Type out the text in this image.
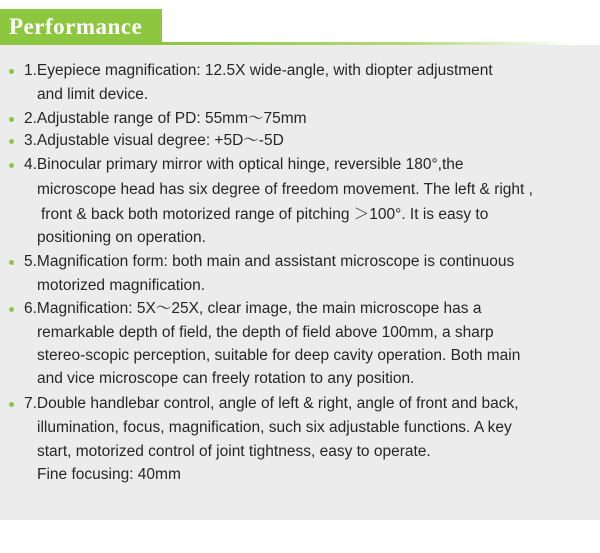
Performance
1.Eyepiece magnification: 12.5X wide-angle, with diopter adjustment
and limit device.
2.Adjustable range of PD: 55mm〜75mm
3.Adjustable visual degree: +5D〜-5D
4.Binocular primary mirror with optical hinge, reversible 180°,the
microscope head has six degree of freedom movement. The left & right ,
front & back both motorized range of pitching ＞100°. It is easy to
positioning on operation.
5.Magnification form: both main and assistant microscope is continuous
motorized magnification.
6.Magnification: 5X〜25X, clear image, the main microscope has a
remarkable depth of field, the depth of field above 100mm, a sharp
stereo-scopic perception, suitable for deep cavity operation. Both main
and vice microscope can freely rotation to any position.
7.Double handlebar control, angle of left & right, angle of front and back,
illumination, focus, magnification, such six adjustable functions. A key
start, motorized control of joint tightness, easy to operate.
Fine focusing: 40mm
